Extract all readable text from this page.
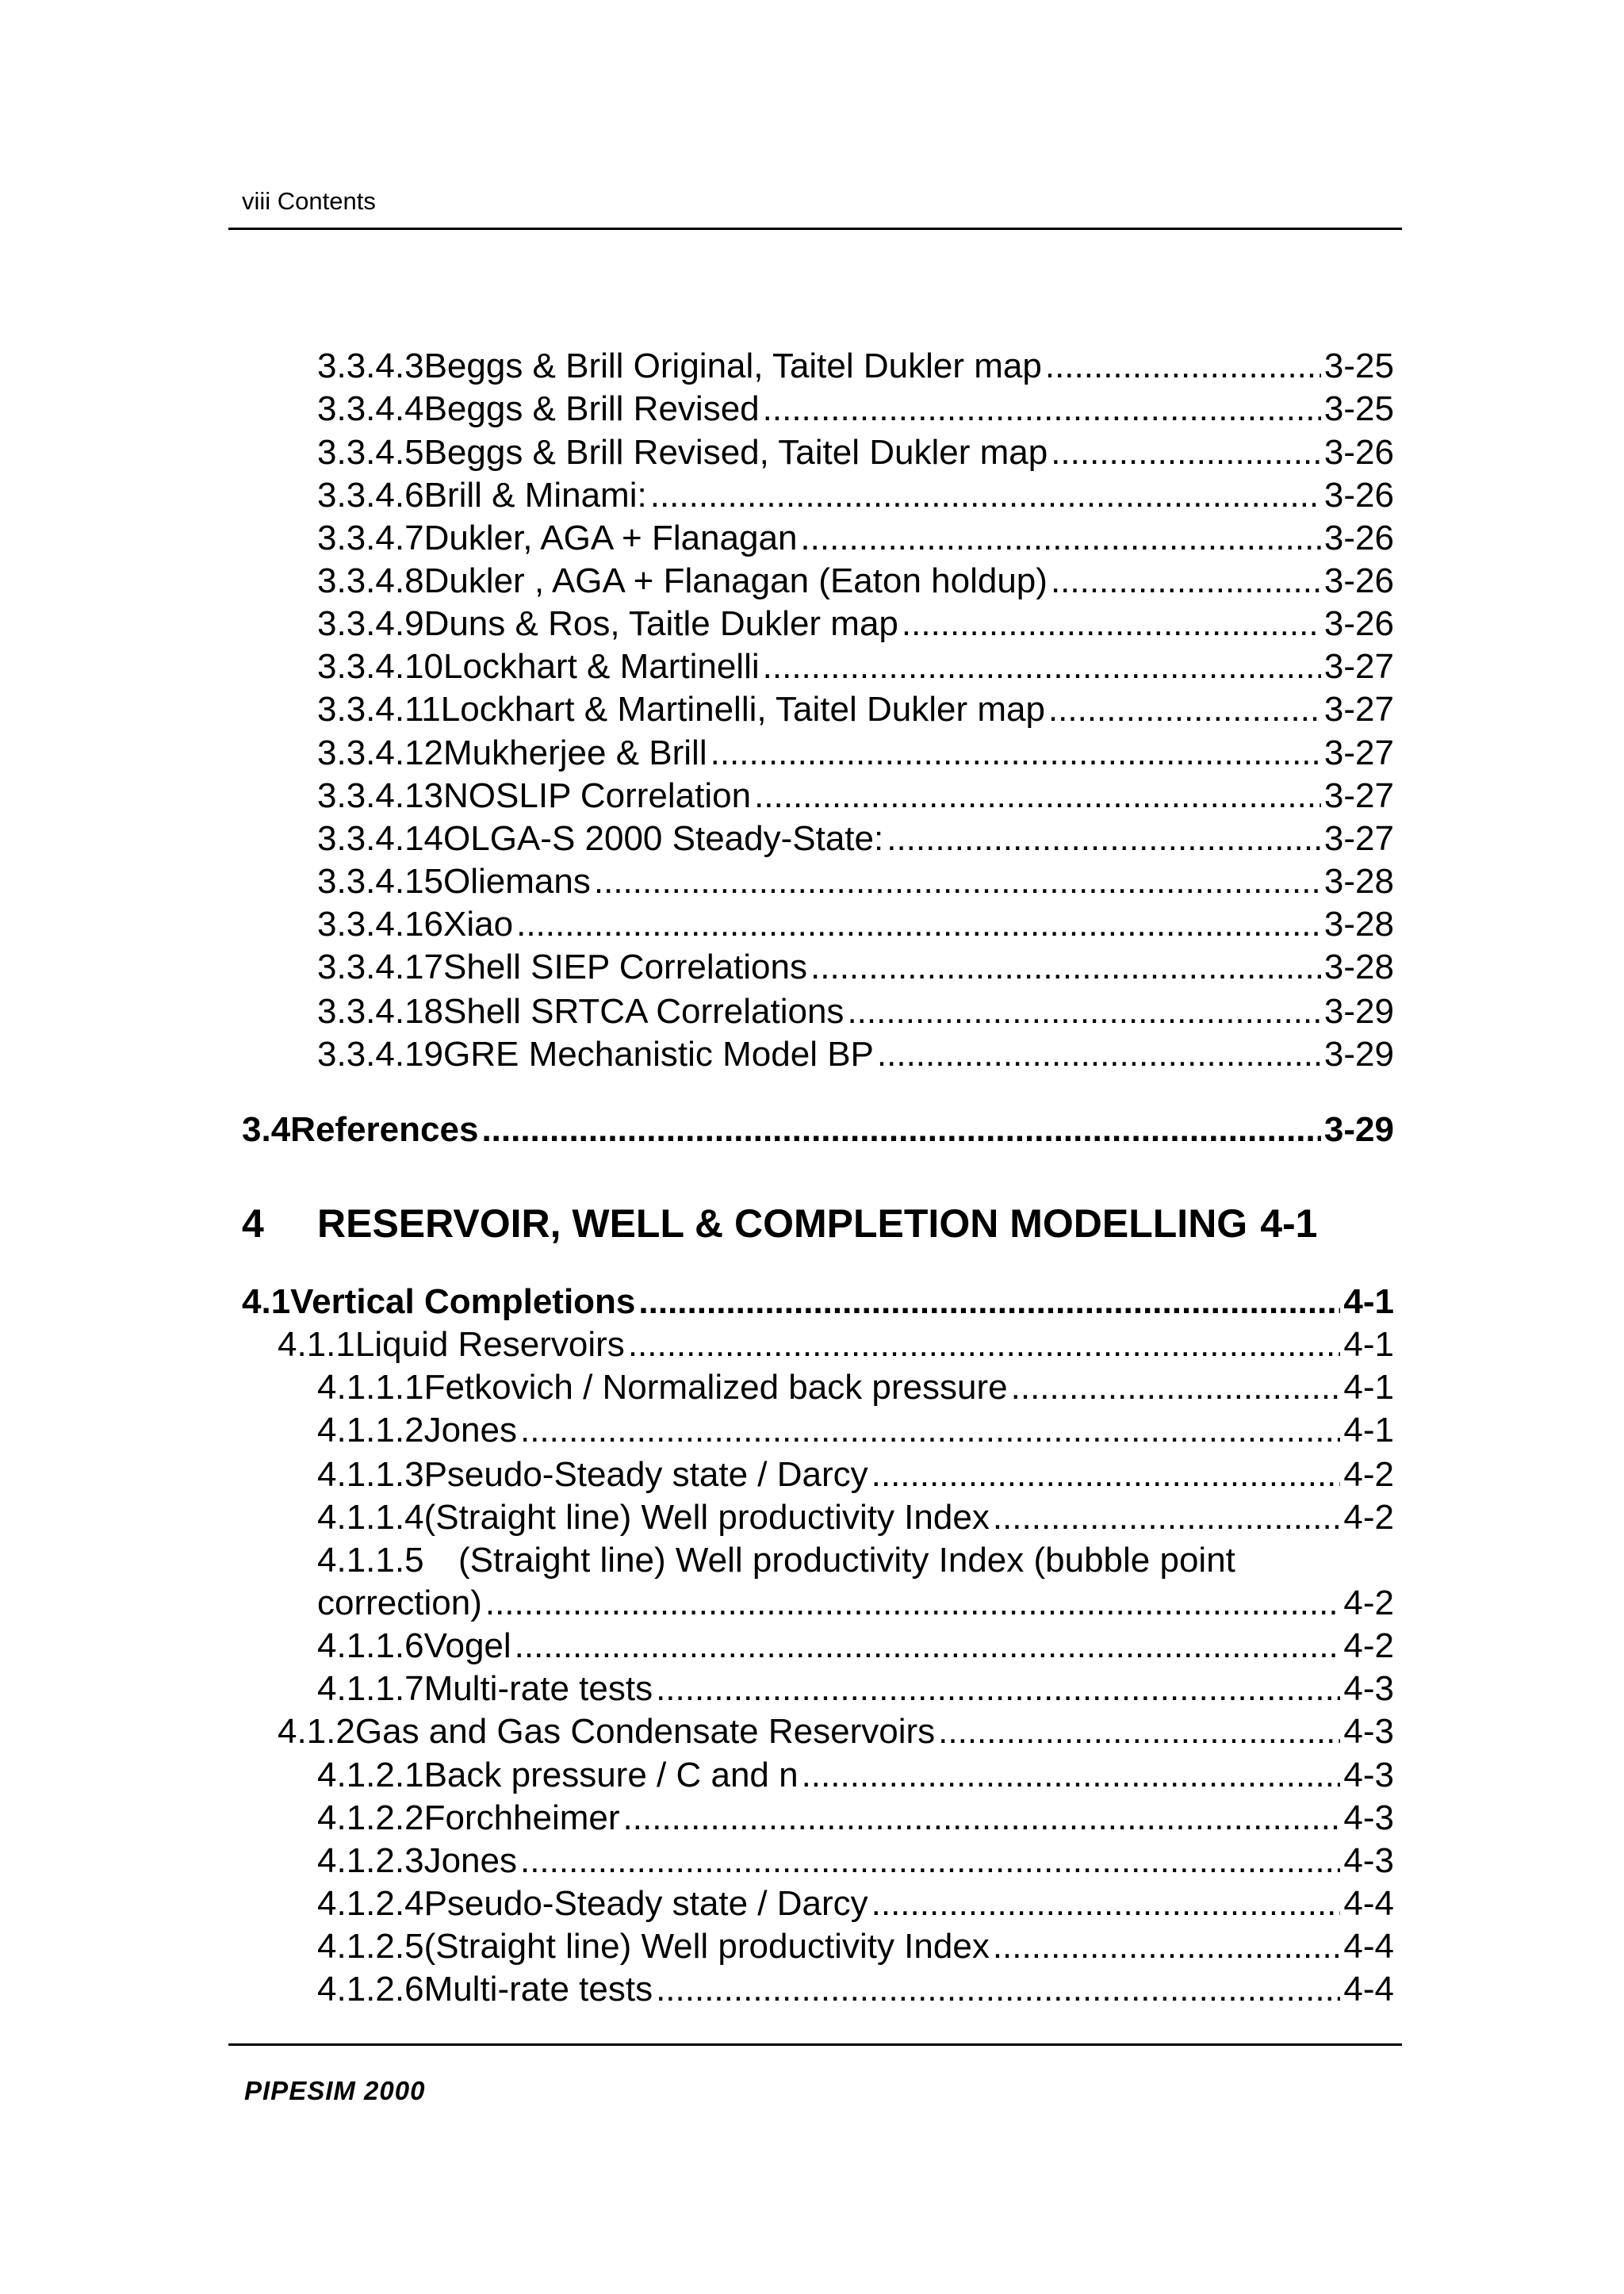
viii Contents
3.3.4.3 Beggs & Brill Original, Taitel Dukler map .....	3-25
3.3.4.4 Beggs & Brill Revised .....	3-25
3.3.4.5 Beggs & Brill Revised, Taitel Dukler map .....	3-26
3.3.4.6 Brill & Minami: .....	3-26
3.3.4.7 Dukler, AGA + Flanagan .....	3-26
3.3.4.8 Dukler , AGA + Flanagan (Eaton holdup) .....	3-26
3.3.4.9 Duns & Ros, Taitle Dukler map .....	3-26
3.3.4.10 Lockhart & Martinelli .....	3-27
3.3.4.11 Lockhart & Martinelli, Taitel Dukler map .....	3-27
3.3.4.12 Mukherjee & Brill .....	3-27
3.3.4.13 NOSLIP Correlation .....	3-27
3.3.4.14 OLGA-S 2000 Steady-State: .....	3-27
3.3.4.15 Oliemans .....	3-28
3.3.4.16 Xiao .....	3-28
3.3.4.17 Shell SIEP Correlations .....	3-28
3.3.4.18 Shell SRTCA Correlations .....	3-29
3.3.4.19 GRE Mechanistic Model BP .....	3-29
3.4 References .....	3-29
4	RESERVOIR, WELL & COMPLETION MODELLING 4-1
4.1 Vertical Completions .....	4-1
4.1.1 Liquid Reservoirs .....	4-1
4.1.1.1 Fetkovich / Normalized back pressure .....	4-1
4.1.1.2 Jones .....	4-1
4.1.1.3 Pseudo-Steady state / Darcy .....	4-2
4.1.1.4 (Straight line) Well productivity Index .....	4-2
4.1.1.5 (Straight line) Well productivity Index (bubble point
correction) .....	4-2
4.1.1.6 Vogel .....	4-2
4.1.1.7 Multi-rate tests .....	4-3
4.1.2 Gas and Gas Condensate Reservoirs .....	4-3
4.1.2.1 Back pressure / C and n .....	4-3
4.1.2.2 Forchheimer .....	4-3
4.1.2.3 Jones .....	4-3
4.1.2.4 Pseudo-Steady state / Darcy .....	4-4
4.1.2.5 (Straight line) Well productivity Index .....	4-4
4.1.2.6 Multi-rate tests .....	4-4
PIPESIM 2000
